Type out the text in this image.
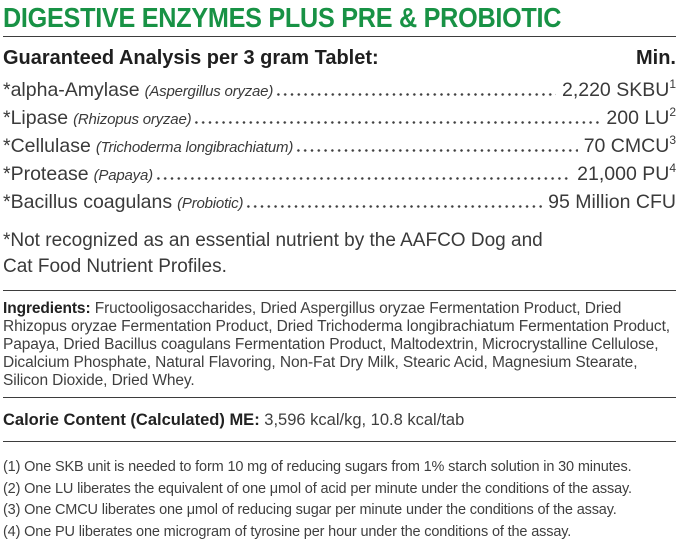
DIGESTIVE ENZYMES PLUS PRE & PROBIOTIC
Guaranteed Analysis per 3 gram Tablet:	Min.
*alpha-Amylase (Aspergillus oryzae)	2,220 SKBU$^1$
*Lipase (Rhizopus oryzae)	200 $LU^2$
*Cellulase (Trichoderma longibrachiatum)	70 CMCU$^3$
*Protease (Papaya)	21,000 $PU^4$
*Bacillus coagulans (Probiotic)	95 Million CFU

*Not recognized as an essential nutrient by the AAFCO Dog and Cat Food Nutrient Profiles.

Ingredients: Fructooligosaccharides, Dried Aspergillus oryzae Fermentation Product, Dried Rhizopus oryzae Fermentation Product, Dried Trichoderma longibrachiatum Fermentation Product, Papaya, Dried Bacillus coagulans Fermentation Product, Maltodextrin, Microcrystalline Cellulose, Dicalcium Phosphate, Natural Flavoring, Non-Fat Dry Milk, Stearic Acid, Magnesium Stearate, Silicon Dioxide, Dried Whey.

Calorie Content (Calculated) ME: 3,596 kcal/kg, 10.8 kcal/tab

(1) One SKB unit is needed to form 10 mg of reducing sugars from 1% starch solution in 30 minutes.
(2) One LU liberates the equivalent of one μmol of acid per minute under the conditions of the assay.
(3) One CMCU liberates one μmol of reducing sugar per minute under the conditions of the assay.
(4) One PU liberates one microgram of tyrosine per hour under the conditions of the assay.
